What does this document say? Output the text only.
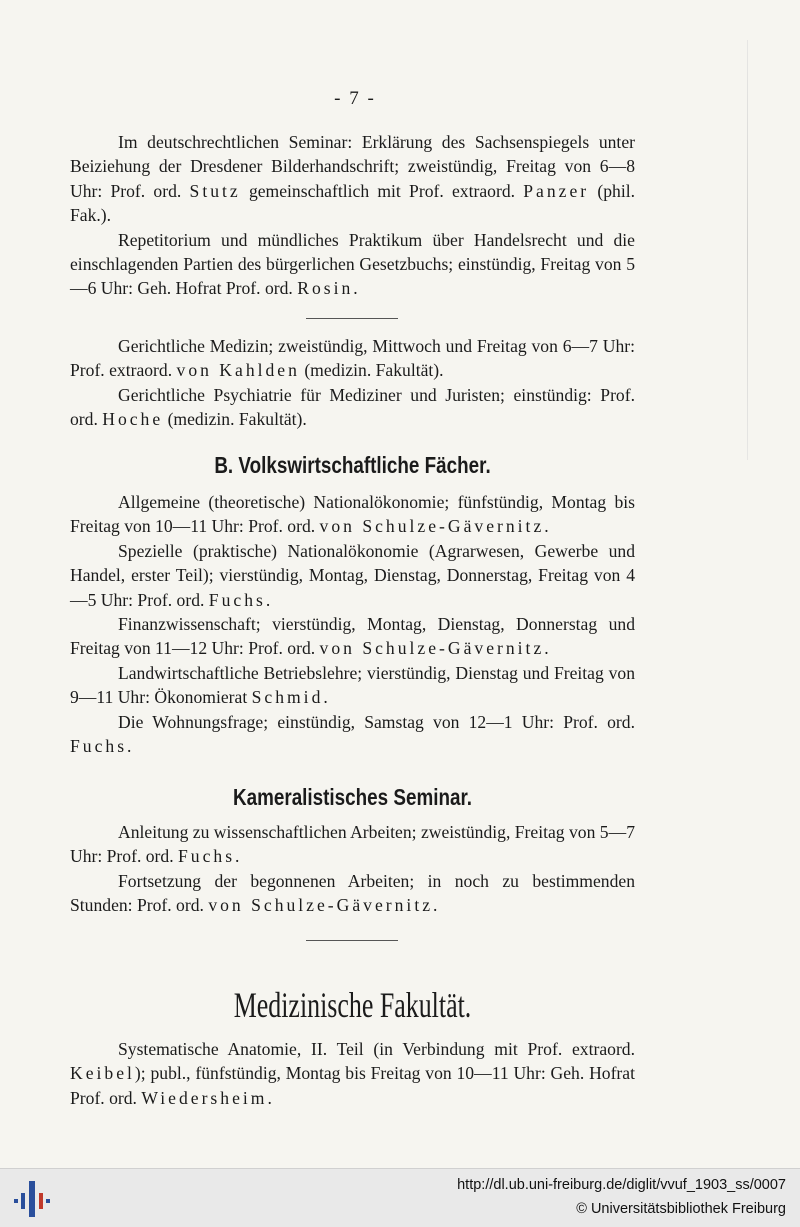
- 7 -

Im deutschrechtlichen Seminar: Erklärung des Sachsenspiegels unter Beiziehung der Dresdener Bilderhandschrift; zweistündig, Freitag von 6—8 Uhr: Prof. ord. Stutz gemeinschaftlich mit Prof. extraord. Panzer (phil. Fak.).

Repetitorium und mündliches Praktikum über Handelsrecht und die einschlagenden Partien des bürgerlichen Gesetzbuchs; einstündig, Freitag von 5—6 Uhr: Geh. Hofrat Prof. ord. Rosin.

Gerichtliche Medizin; zweistündig, Mittwoch und Freitag von 6—7 Uhr: Prof. extraord. von Kahlden (medizin. Fakultät).

Gerichtliche Psychiatrie für Mediziner und Juristen; einstündig: Prof. ord. Hoche (medizin. Fakultät).

B. Volkswirtschaftliche Fächer.

Allgemeine (theoretische) Nationalökonomie; fünfstündig, Montag bis Freitag von 10—11 Uhr: Prof. ord. von Schulze-Gävernitz.

Spezielle (praktische) Nationalökonomie (Agrarwesen, Gewerbe und Handel, erster Teil); vierstündig, Montag, Dienstag, Donnerstag, Freitag von 4—5 Uhr: Prof. ord. Fuchs.

Finanzwissenschaft; vierstündig, Montag, Dienstag, Donnerstag und Freitag von 11—12 Uhr: Prof. ord. von Schulze-Gävernitz.

Landwirtschaftliche Betriebslehre; vierstündig, Dienstag und Freitag von 9—11 Uhr: Ökonomierat Schmid.

Die Wohnungsfrage; einstündig, Samstag von 12—1 Uhr: Prof. ord. Fuchs.

Kameralistisches Seminar.

Anleitung zu wissenschaftlichen Arbeiten; zweistündig, Freitag von 5—7 Uhr: Prof. ord. Fuchs.

Fortsetzung der begonnenen Arbeiten; in noch zu bestimmenden Stunden: Prof. ord. von Schulze-Gävernitz.

Medizinische Fakultät.

Systematische Anatomie, II. Teil (in Verbindung mit Prof. extraord. Keibel); publ., fünfstündig, Montag bis Freitag von 10—11 Uhr: Geh. Hofrat Prof. ord. Wiedersheim.

http://dl.ub.uni-freiburg.de/diglit/vvuf_1903_ss/0007
© Universitätsbibliothek Freiburg
